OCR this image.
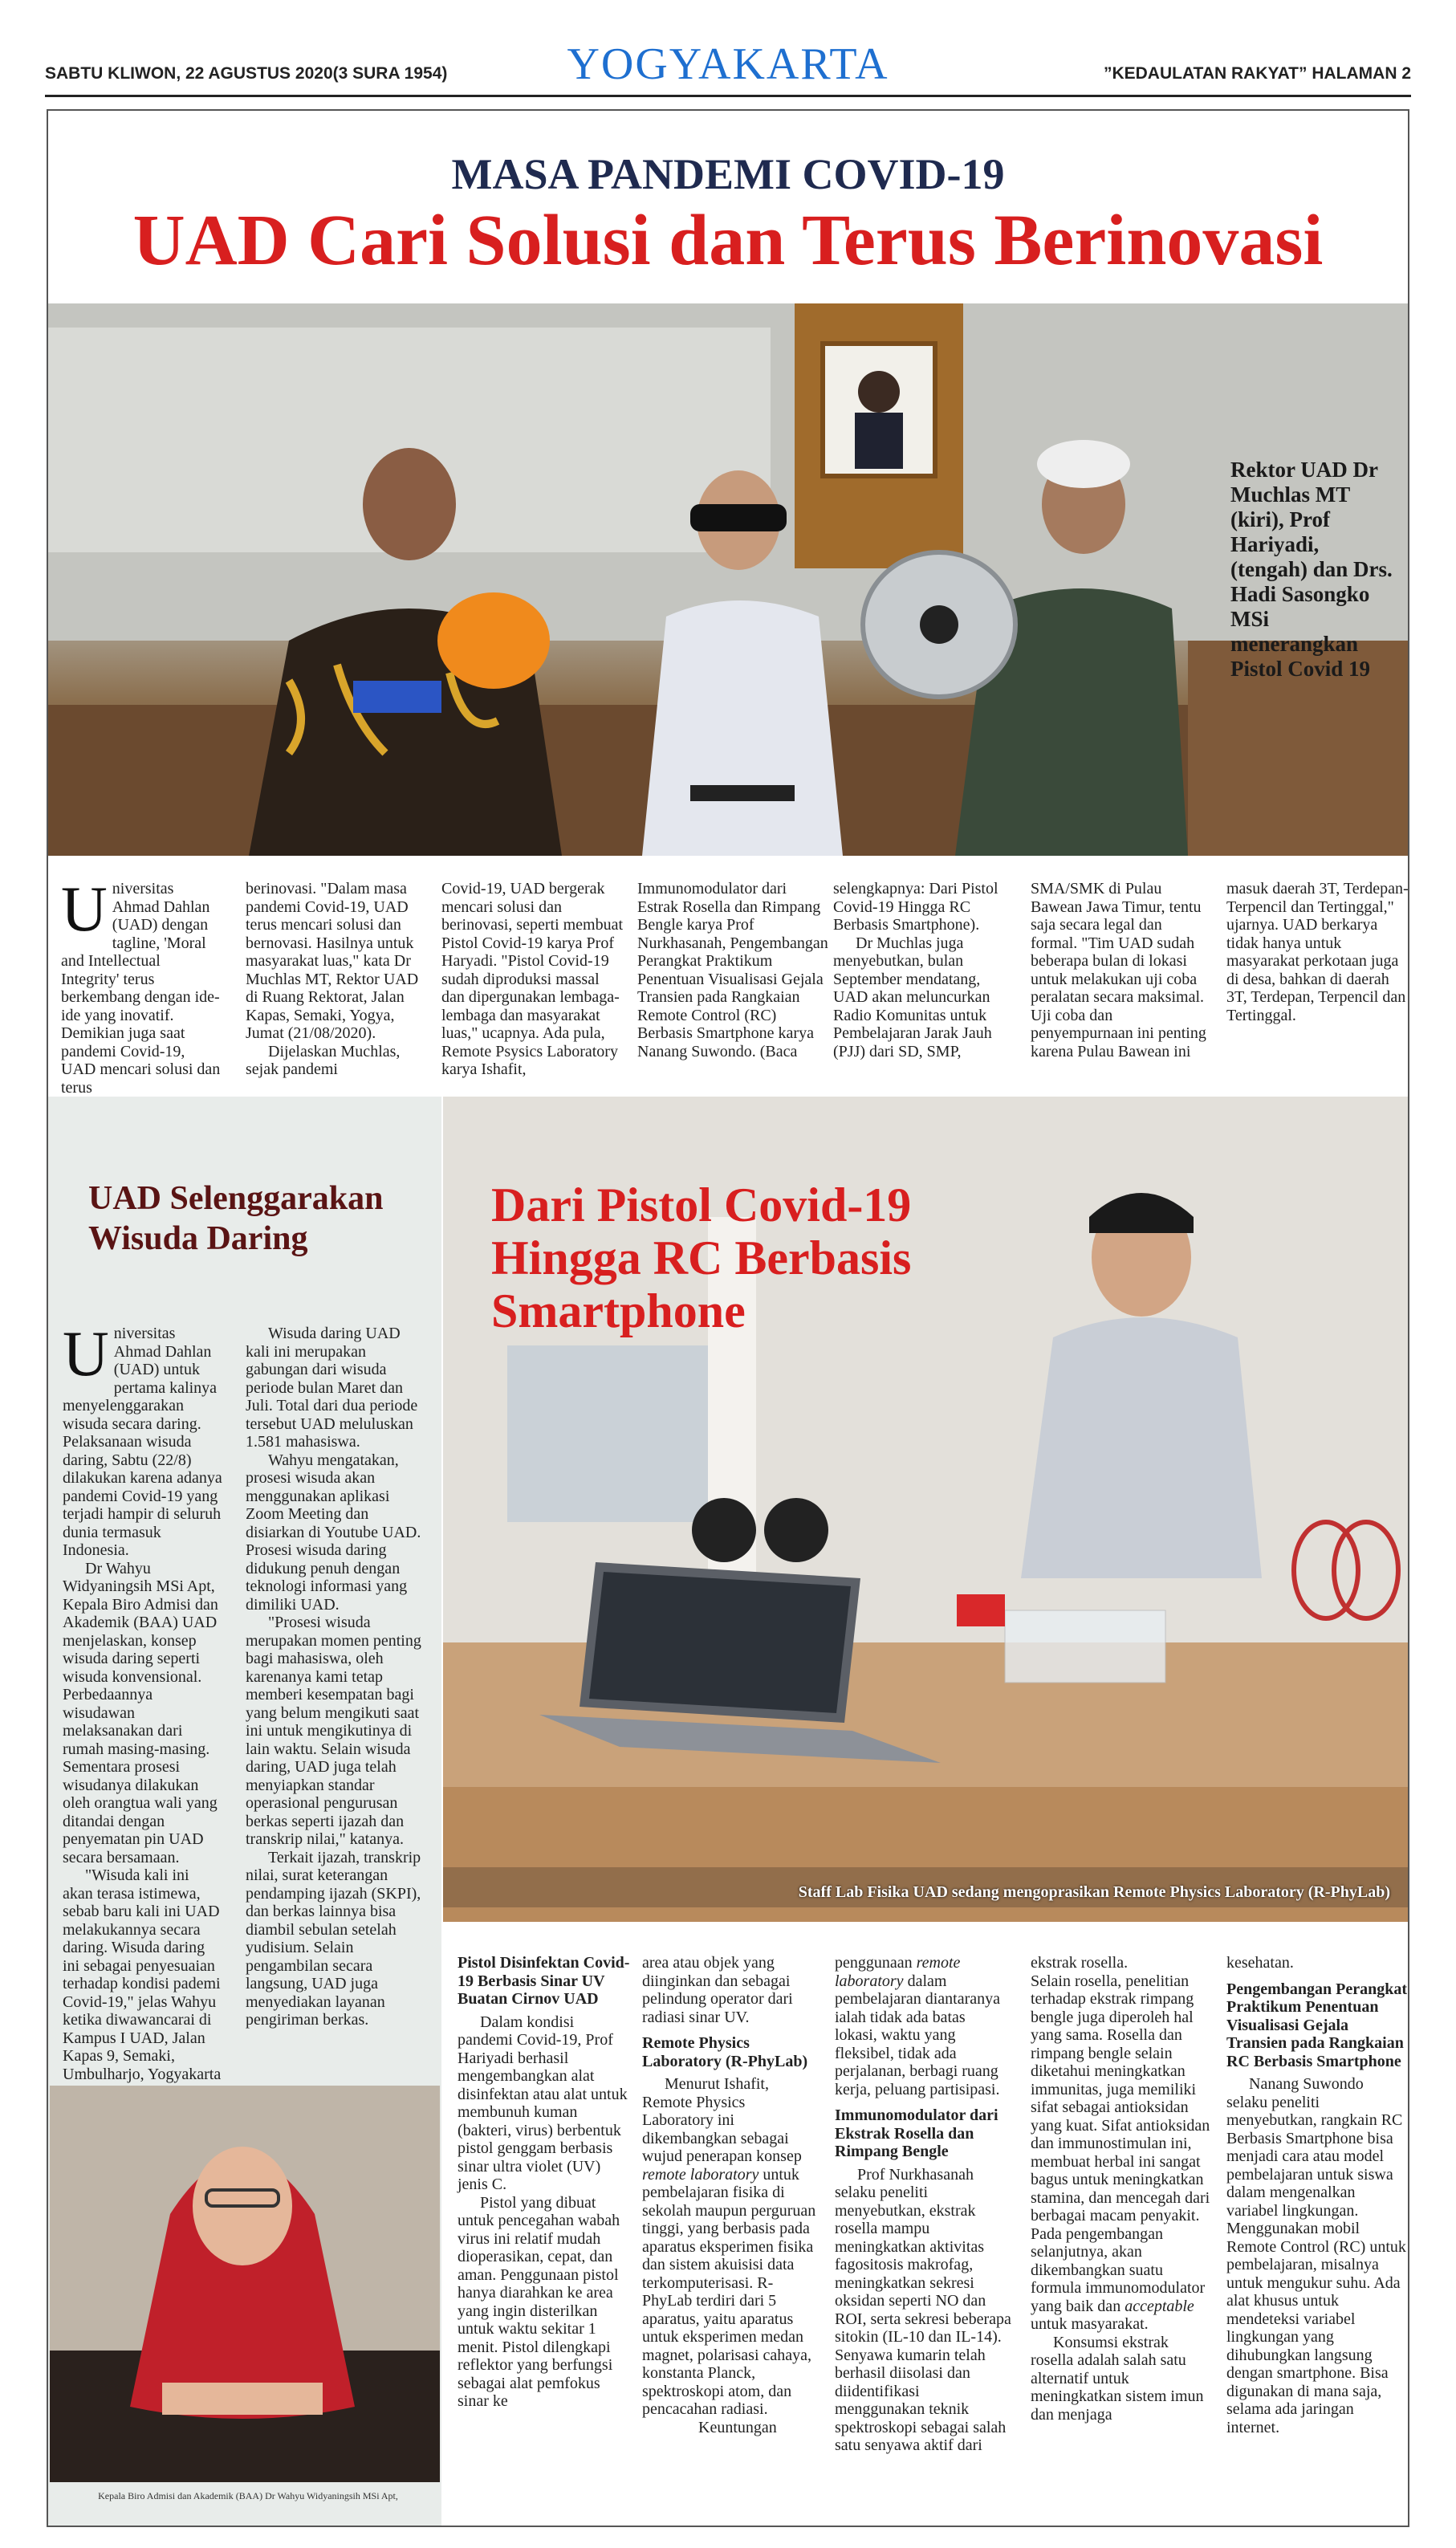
SABTU KLIWON, 22 AGUSTUS 2020(3 SURA 1954)	YOGYAKARTA	”KEDAULATAN RAKYAT” HALAMAN 2
MASA PANDEMI COVID-19
UAD Cari Solusi dan Terus Berinovasi
Rektor UAD Dr Muchlas MT (kiri), Prof Hariyadi, (tengah) dan Drs. Hadi Sasongko MSi menerangkan Pistol Covid 19

Universitas Ahmad Dahlan (UAD) dengan tagline, 'Moral and Intellectual Integrity' terus berkembang dengan ide-ide yang inovatif. Demikian juga saat pandemi Covid-19, UAD mencari solusi dan terus

berinovasi. "Dalam masa pandemi Covid-19, UAD terus mencari solusi dan bernovasi. Hasilnya untuk masyarakat luas," kata Dr Muchlas MT, Rektor UAD di Ruang Rektorat, Jalan Kapas, Semaki, Yogya, Jumat (21/08/2020).

Dijelaskan Muchlas, sejak pandemi

Covid-19, UAD bergerak mencari solusi dan berinovasi, seperti membuat Pistol Covid-19 karya Prof Haryadi. "Pistol Covid-19 sudah diproduksi massal dan dipergunakan lembaga-lembaga dan masyarakat luas," ucapnya. Ada pula, Remote Psysics Laboratory karya Ishafit,

Immunomodulator dari Estrak Rosella dan Rimpang Bengle karya Prof Nurkhasanah, Pengembangan Perangkat Praktikum Penentuan Visualisasi Gejala Transien pada Rangkaian Remote Control (RC) Berbasis Smartphone karya Nanang Suwondo. (Baca

selengkapnya: Dari Pistol Covid-19 Hingga RC Berbasis Smartphone).

Dr Muchlas juga menyebutkan, bulan September mendatang, UAD akan meluncurkan Radio Komunitas untuk Pembelajaran Jarak Jauh (PJJ) dari SD, SMP,

SMA/SMK di Pulau Bawean Jawa Timur, tentu saja secara legal dan formal. "Tim UAD sudah beberapa bulan di lokasi untuk melakukan uji coba peralatan secara maksimal. Uji coba dan penyempurnaan ini penting karena Pulau Bawean ini

masuk daerah 3T, Terdepan-Terpencil dan Tertinggal," ujarnya. UAD berkarya tidak hanya untuk masyarakat perkotaan juga di desa, bahkan di daerah 3T, Terdepan, Terpencil dan Tertinggal.

UAD Selenggarakan Wisuda Daring

Universitas Ahmad Dahlan (UAD) untuk pertama kalinya menyelenggarakan wisuda secara daring. Pelaksanaan wisuda daring, Sabtu (22/8) dilakukan karena adanya pandemi Covid-19 yang terjadi hampir di seluruh dunia termasuk Indonesia.

Dr Wahyu Widyaningsih MSi Apt, Kepala Biro Admisi dan Akademik (BAA) UAD menjelaskan, konsep wisuda daring seperti wisuda konvensional. Perbedaannya wisudawan melaksanakan dari rumah masing-masing. Sementara prosesi wisudanya dilakukan oleh orangtua wali yang ditandai dengan penyematan pin UAD secara bersamaan.

"Wisuda kali ini akan terasa istimewa, sebab baru kali ini UAD melakukannya secara daring. Wisuda daring ini sebagai penyesuaian terhadap kondisi pademi Covid-19," jelas Wahyu ketika diwawancarai di Kampus I UAD, Jalan Kapas 9, Semaki, Umbulharjo, Yogyakarta

Wisuda daring UAD kali ini merupakan gabungan dari wisuda periode bulan Maret dan Juli. Total dari dua periode tersebut UAD meluluskan 1.581 mahasiswa.

Wahyu mengatakan, prosesi wisuda akan menggunakan aplikasi Zoom Meeting dan disiarkan di Youtube UAD. Prosesi wisuda daring didukung penuh dengan teknologi informasi yang dimiliki UAD.

"Prosesi wisuda merupakan momen penting bagi mahasiswa, oleh karenanya kami tetap memberi kesempatan bagi yang belum mengikuti saat ini untuk mengikutinya di lain waktu. Selain wisuda daring, UAD juga telah menyiapkan standar operasional pengurusan berkas seperti ijazah dan transkrip nilai," katanya.

Terkait ijazah, transkrip nilai, surat keterangan pendamping ijazah (SKPI), dan berkas lainnya bisa diambil sebulan setelah yudisium. Selain pengambilan secara langsung, UAD juga menyediakan layanan pengiriman berkas.

Kepala Biro Admisi dan Akademik (BAA) Dr Wahyu Widyaningsih MSi Apt,
Dari Pistol Covid-19 Hingga RC Berbasis Smartphone
Staff Lab Fisika UAD sedang mengoprasikan Remote Physics Laboratory (R-PhyLab)

Pistol Disinfektan Covid-19 Berbasis Sinar UV Buatan Cirnov UAD

Dalam kondisi pandemi Covid-19, Prof Hariyadi berhasil mengembangkan alat disinfektan atau alat untuk membunuh kuman (bakteri, virus) berbentuk pistol genggam berbasis sinar ultra violet (UV) jenis C.

Pistol yang dibuat untuk pencegahan wabah virus ini relatif mudah dioperasikan, cepat, dan aman. Penggunaan pistol hanya diarahkan ke area yang ingin disterilkan untuk waktu sekitar 1 menit. Pistol dilengkapi reflektor yang berfungsi sebagai alat pemfokus sinar ke

area atau objek yang diinginkan dan sebagai pelindung operator dari radiasi sinar UV.

Remote Physics Laboratory (R-PhyLab)

Menurut Ishafit, Remote Physics Laboratory ini dikembangkan sebagai wujud penerapan konsep remote laboratory untuk pembelajaran fisika di sekolah maupun perguruan tinggi, yang berbasis pada aparatus eksperimen fisika dan sistem akuisisi data terkomputerisasi. R-PhyLab terdiri dari 5 aparatus, yaitu aparatus untuk eksperimen medan magnet, polarisasi cahaya, konstanta Planck, spektroskopi atom, dan pencacahan radiasi.

Keuntungan

penggunaan remote laboratory dalam pembelajaran diantaranya ialah tidak ada batas lokasi, waktu yang fleksibel, tidak ada perjalanan, berbagi ruang kerja, peluang partisipasi.

Immunomodulator dari Ekstrak Rosella dan Rimpang Bengle

Prof Nurkhasanah selaku peneliti menyebutkan, ekstrak rosella mampu meningkatkan aktivitas fagositosis makrofag, meningkatkan sekresi oksidan seperti NO dan ROI, serta sekresi beberapa sitokin (IL-10 dan IL-14). Senyawa kumarin telah berhasil diisolasi dan diidentifikasi menggunakan teknik spektroskopi sebagai salah satu senyawa aktif dari

ekstrak rosella.

Selain rosella, penelitian terhadap ekstrak rimpang bengle juga diperoleh hal yang sama. Rosella dan rimpang bengle selain diketahui meningkatkan immunitas, juga memiliki sifat sebagai antioksidan yang kuat. Sifat antioksidan dan immunostimulan ini, membuat herbal ini sangat bagus untuk meningkatkan stamina, dan mencegah dari berbagai macam penyakit. Pada pengembangan selanjutnya, akan dikembangkan suatu formula immunomodulator yang baik dan acceptable untuk masyarakat.

Konsumsi ekstrak rosella adalah salah satu alternatif untuk meningkatkan sistem imun dan menjaga

kesehatan.

Pengembangan Perangkat Praktikum Penentuan Visualisasi Gejala Transien pada Rangkaian RC Berbasis Smartphone

Nanang Suwondo selaku peneliti menyebutkan, rangkain RC Berbasis Smartphone bisa menjadi cara atau model pembelajaran untuk siswa dalam mengenalkan variabel lingkungan. Menggunakan mobil Remote Control (RC) untuk pembelajaran, misalnya untuk mengukur suhu. Ada alat khusus untuk mendeteksi variabel lingkungan yang dihubungkan langsung dengan smartphone. Bisa digunakan di mana saja, selama ada jaringan internet.
